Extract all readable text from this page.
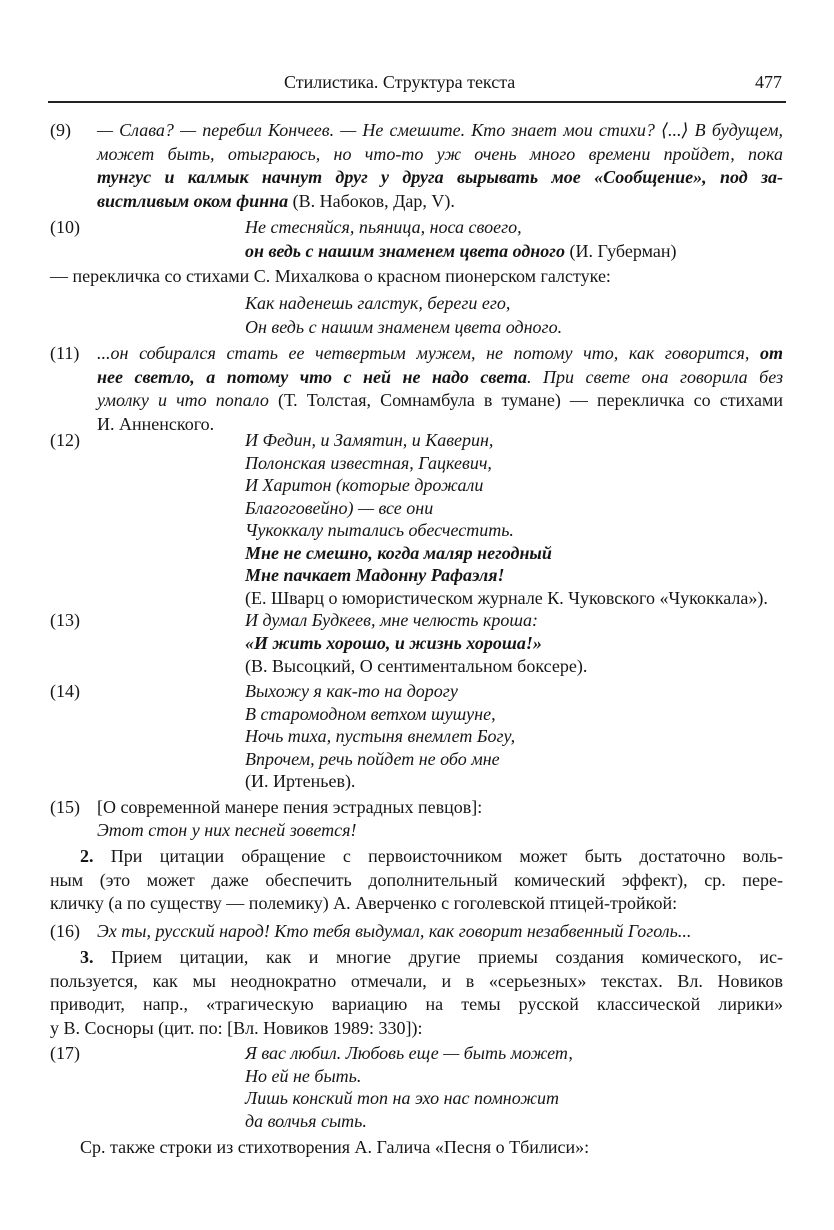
Стилистика. Структура текста	477
(9) — Слава? — перебил Кончеев. — Не смешите. Кто знает мои стихи? ⟨...⟩ В будущем,
может быть, отыграюсь, но что-то уж очень много времени пройдет, пока
тунгус и калмык начнут друг у друга вырывать мое «Сообщение», под за-
вистливым оком финна (В. Набоков, Дар, V).
(10)	Не стесняйся, пьяница, носа своего,
он ведь с нашим знаменем цвета одного (И. Губерман)
— перекличка со стихами С. Михалкова о красном пионерском галстуке:
Как наденешь галстук, береги его,
Он ведь с нашим знаменем цвета одного.
(11) ...он собирался стать ее четвертым мужем, не потому что, как говорится, от
нее светло, а потому что с ней не надо света. При свете она говорила без
умолку и что попало (Т. Толстая, Сомнамбула в тумане) — перекличка со стихами
И. Анненского.
(12)	И Федин, и Замятин, и Каверин,
Полонская известная, Гацкевич,
И Харитон (которые дрожали
Благоговейно) — все они
Чукоккалу пытались обесчестить.
Мне не смешно, когда маляр негодный
Мне пачкает Мадонну Рафаэля!
(Е. Шварц о юмористическом журнале К. Чуковского «Чукоккала»).
(13)	И думал Будкеев, мне челюсть кроша:
«И жить хорошо, и жизнь хороша!»
(В. Высоцкий, О сентиментальном боксере).
(14)	Выхожу я как-то на дорогу
В старомодном ветхом шушуне,
Ночь тиха, пустыня внемлет Богу,
Впрочем, речь пойдет не обо мне
(И. Иртеньев).
(15) [О современной манере пения эстрадных певцов]:
Этот стон у них песней зовется!
2. При цитации обращение с первоисточником может быть достаточно воль-
ным (это может даже обеспечить дополнительный комический эффект), ср. пере-
кличку (а по существу — полемику) А. Аверченко с гоголевской птицей-тройкой:
(16) Эх ты, русский народ! Кто тебя выдумал, как говорит незабвенный Гоголь...
3. Прием цитации, как и многие другие приемы создания комического, ис-
пользуется, как мы неоднократно отмечали, и в «серьезных» текстах. Вл. Новиков
приводит, напр., «трагическую вариацию на темы русской классической лирики»
у В. Сосноры (цит. по: [Вл. Новиков 1989: 330]):
(17)	Я вас любил. Любовь еще — быть может,
Но ей не быть.
Лишь конский топ на эхо нас помножит
да волчья сыть.
Ср. также строки из стихотворения А. Галича «Песня о Тбилиси»:
